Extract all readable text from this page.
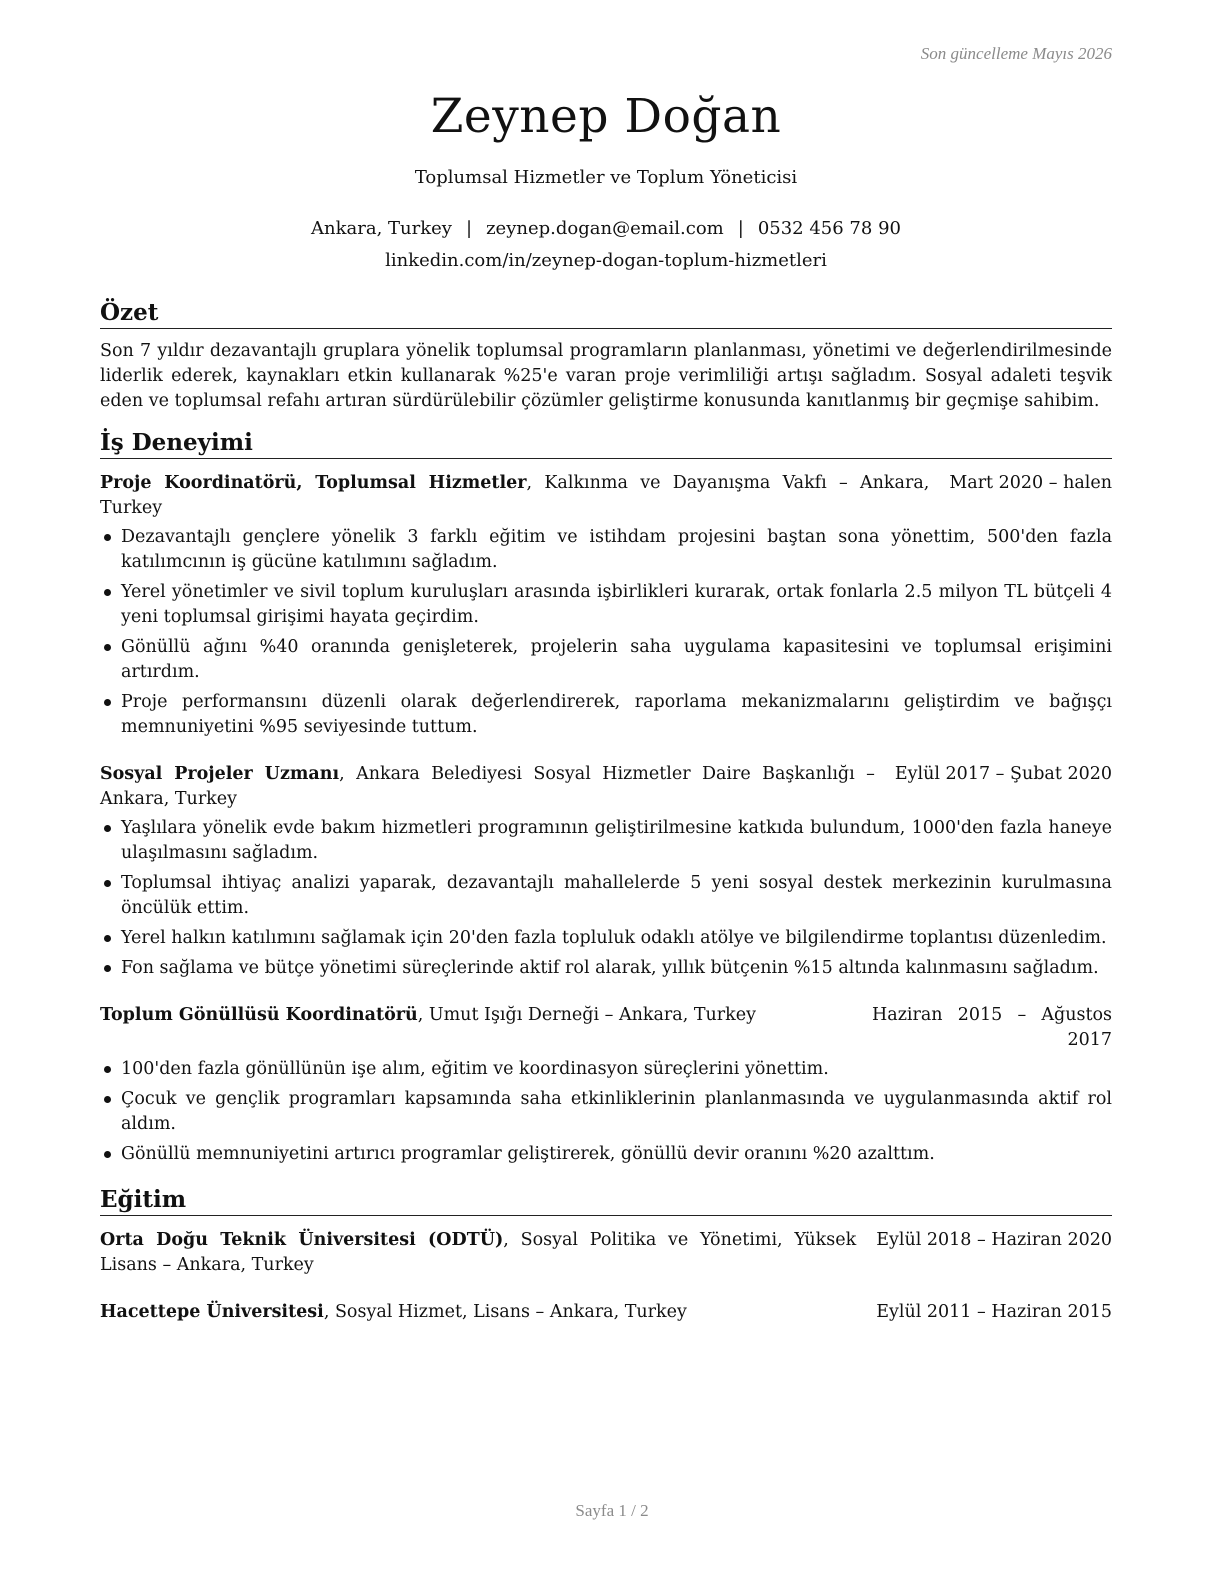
Son güncelleme Mayıs 2026
Zeynep Doğan
Toplumsal Hizmetler ve Toplum Yöneticisi
Ankara, Turkey | zeynep.dogan@email.com | 0532 456 78 90
linkedin.com/in/zeynep-dogan-toplum-hizmetleri
Özet
Son 7 yıldır dezavantajlı gruplara yönelik toplumsal programların planlanması, yönetimi ve değerlendirilmesinde liderlik ederek, kaynakları etkin kullanarak %25'e varan proje verimliliği artışı sağladım. Sosyal adaleti teşvik eden ve toplumsal refahı artıran sürdürülebilir çözümler geliştirme konusunda kanıtlanmış bir geçmişe sahibim.
İş Deneyimi
Proje Koordinatörü, Toplumsal Hizmetler, Kalkınma ve Dayanışma Vakfı – Ankara, Turkey
Mart 2020 – halen
Dezavantajlı gençlere yönelik 3 farklı eğitim ve istihdam projesini baştan sona yönettim, 500'den fazla katılımcının iş gücüne katılımını sağladım.
Yerel yönetimler ve sivil toplum kuruluşları arasında işbirlikleri kurarak, ortak fonlarla 2.5 milyon TL bütçeli 4 yeni toplumsal girişimi hayata geçirdim.
Gönüllü ağını %40 oranında genişleterek, projelerin saha uygulama kapasitesini ve toplumsal erişimini artırdım.
Proje performansını düzenli olarak değerlendirerek, raporlama mekanizmalarını geliştirdim ve bağışçı memnuniyetini %95 seviyesinde tuttum.
Sosyal Projeler Uzmanı, Ankara Belediyesi Sosyal Hizmetler Daire Başkanlığı – Ankara, Turkey
Eylül 2017 – Şubat 2020
Yaşlılara yönelik evde bakım hizmetleri programının geliştirilmesine katkıda bulundum, 1000'den fazla haneye ulaşılmasını sağladım.
Toplumsal ihtiyaç analizi yaparak, dezavantajlı mahallelerde 5 yeni sosyal destek merkezinin kurulmasına öncülük ettim.
Yerel halkın katılımını sağlamak için 20'den fazla topluluk odaklı atölye ve bilgilendirme toplantısı düzenledim.
Fon sağlama ve bütçe yönetimi süreçlerinde aktif rol alarak, yıllık bütçenin %15 altında kalınmasını sağladım.
Toplum Gönüllüsü Koordinatörü, Umut Işığı Derneği – Ankara, Turkey	Haziran 2015 – Ağustos 2017
100'den fazla gönüllünün işe alım, eğitim ve koordinasyon süreçlerini yönettim.
Çocuk ve gençlik programları kapsamında saha etkinliklerinin planlanmasında ve uygulanmasında aktif rol aldım.
Gönüllü memnuniyetini artırıcı programlar geliştirerek, gönüllü devir oranını %20 azalttım.
Eğitim
Orta Doğu Teknik Üniversitesi (ODTÜ), Sosyal Politika ve Yönetimi, Yüksek Lisans – Ankara, Turkey
Eylül 2018 – Haziran 2020
Hacettepe Üniversitesi, Sosyal Hizmet, Lisans – Ankara, Turkey	Eylül 2011 – Haziran 2015
Sayfa 1 / 2
